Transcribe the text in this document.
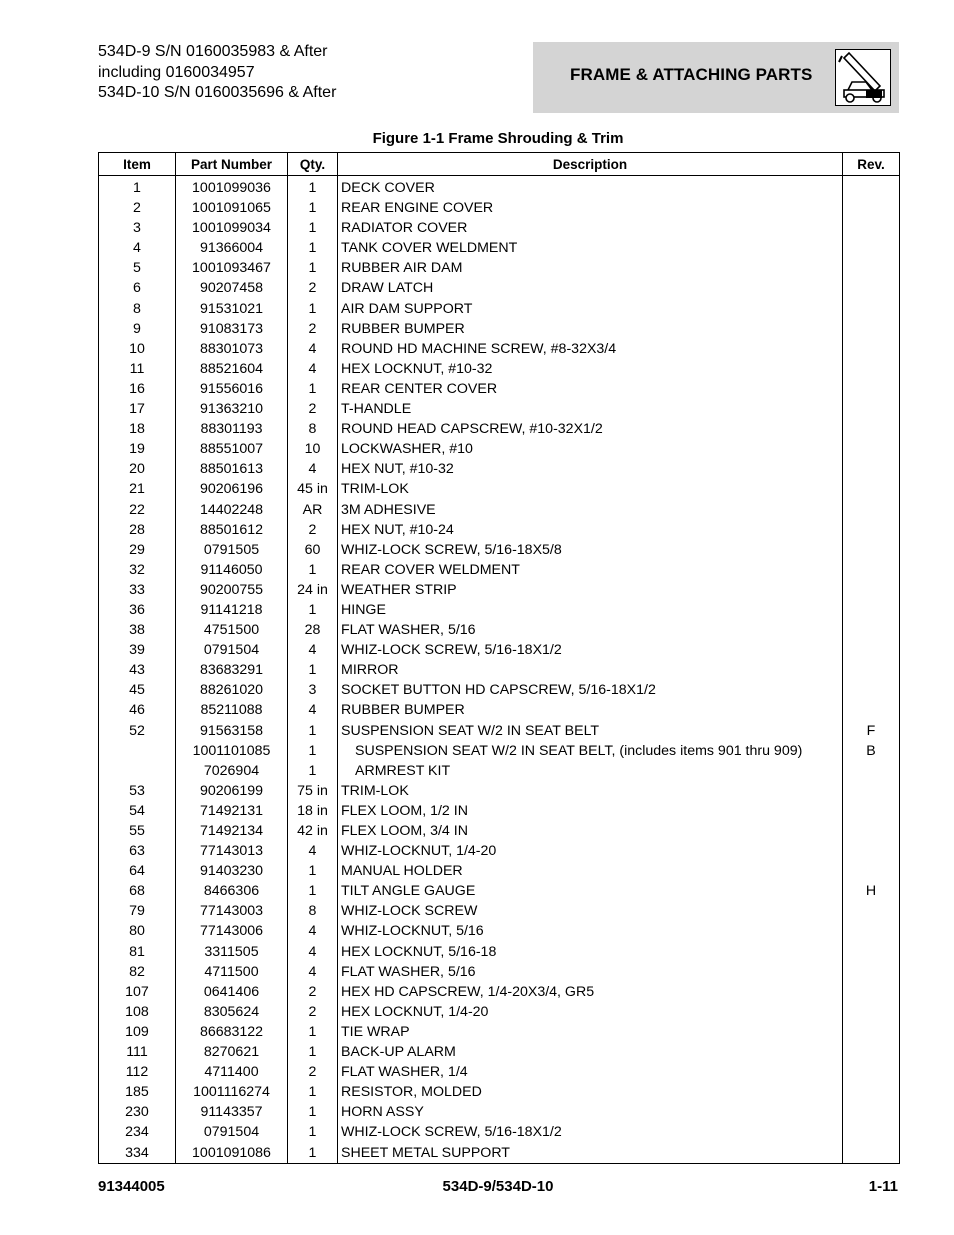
534D-9 S/N 0160035983 & After
including 0160034957
534D-10 S/N 0160035696 & After
FRAME & ATTACHING PARTS
Figure 1-1 Frame Shrouding & Trim
Item	Part Number	Qty.	Description	Rev.
1	1001099036	1	DECK COVER	
2	1001091065	1	REAR ENGINE COVER	
3	1001099034	1	RADIATOR COVER	
4	91366004	1	TANK COVER WELDMENT	
5	1001093467	1	RUBBER AIR DAM	
6	90207458	2	DRAW LATCH	
8	91531021	1	AIR DAM SUPPORT	
9	91083173	2	RUBBER BUMPER	
10	88301073	4	ROUND HD MACHINE SCREW, #8-32X3/4	
11	88521604	4	HEX LOCKNUT, #10-32	
16	91556016	1	REAR CENTER COVER	
17	91363210	2	T-HANDLE	
18	88301193	8	ROUND HEAD CAPSCREW, #10-32X1/2	
19	88551007	10	LOCKWASHER, #10	
20	88501613	4	HEX NUT, #10-32	
21	90206196	45 in	TRIM-LOK	
22	14402248	AR	3M ADHESIVE	
28	88501612	2	HEX NUT, #10-24	
29	0791505	60	WHIZ-LOCK SCREW, 5/16-18X5/8	
32	91146050	1	REAR COVER WELDMENT	
33	90200755	24 in	WEATHER STRIP	
36	91141218	1	HINGE	
38	4751500	28	FLAT WASHER, 5/16	
39	0791504	4	WHIZ-LOCK SCREW, 5/16-18X1/2	
43	83683291	1	MIRROR	
45	88261020	3	SOCKET BUTTON HD CAPSCREW, 5/16-18X1/2	
46	85211088	4	RUBBER BUMPER	
52	91563158	1	SUSPENSION SEAT W/2 IN SEAT BELT	F
	1001101085	1	SUSPENSION SEAT W/2 IN SEAT BELT, (includes items 901 thru 909)	B
	7026904	1	ARMREST KIT	
53	90206199	75 in	TRIM-LOK	
54	71492131	18 in	FLEX LOOM, 1/2 IN	
55	71492134	42 in	FLEX LOOM, 3/4 IN	
63	77143013	4	WHIZ-LOCKNUT, 1/4-20	
64	91403230	1	MANUAL HOLDER	
68	8466306	1	TILT ANGLE GAUGE	H
79	77143003	8	WHIZ-LOCK SCREW	
80	77143006	4	WHIZ-LOCKNUT, 5/16	
81	3311505	4	HEX LOCKNUT, 5/16-18	
82	4711500	4	FLAT WASHER, 5/16	
107	0641406	2	HEX HD CAPSCREW, 1/4-20X3/4, GR5	
108	8305624	2	HEX LOCKNUT, 1/4-20	
109	86683122	1	TIE WRAP	
111	8270621	1	BACK-UP ALARM	
112	4711400	2	FLAT WASHER, 1/4	
185	1001116274	1	RESISTOR, MOLDED	
230	91143357	1	HORN ASSY	
234	0791504	1	WHIZ-LOCK SCREW, 5/16-18X1/2	
334	1001091086	1	SHEET METAL SUPPORT	
91344005	534D-9/534D-10	1-11
